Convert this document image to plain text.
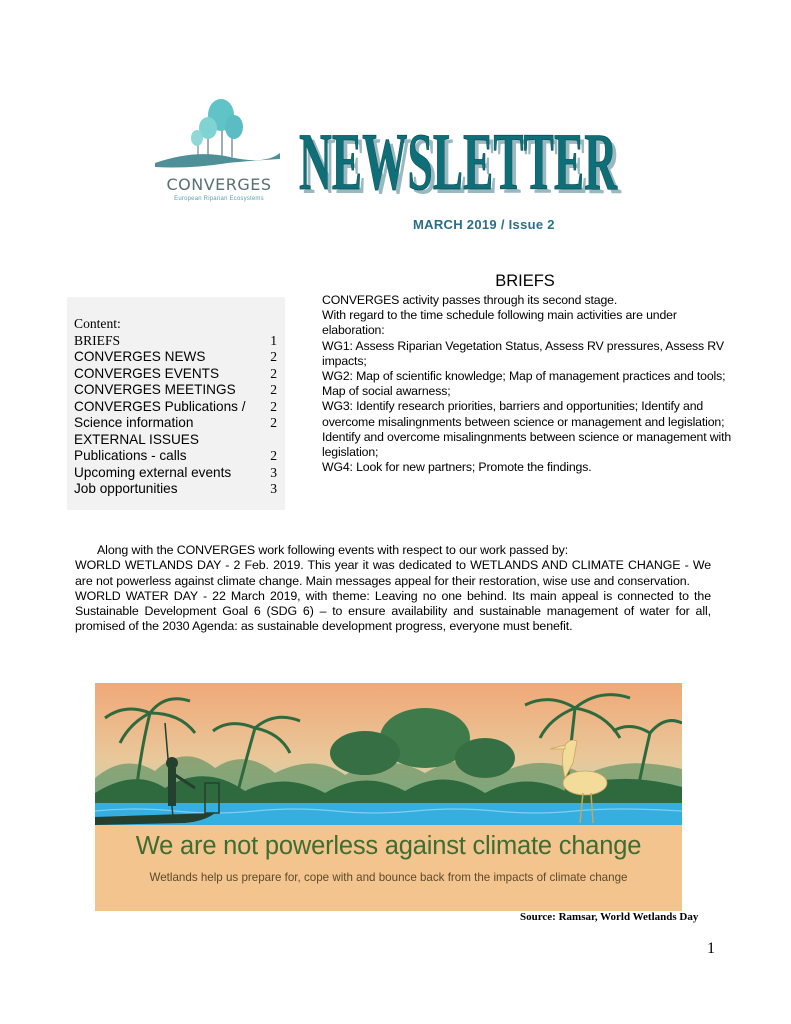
CONVERGES
European Riparian Ecosystems NEWSLETTER
NEWSLETTER
MARCH 2019 / Issue 2
Content:
BRIEFS	1
CONVERGES NEWS	2
CONVERGES EVENTS	2
CONVERGES MEETINGS	2
CONVERGES Publications / 2
Science information	2
EXTERNAL ISSUES
Publications - calls	2
Upcoming external events	3
Job opportunities	3
BRIEFS

CONVERGES activity passes through its second stage.

With regard to the time schedule following main activities are under elaboration:

WG1: Assess Riparian Vegetation Status, Assess RV pressures, Assess RV impacts;

WG2: Map of scientific knowledge; Map of management practices and tools; Map of social awarness;

WG3: Identify research priorities, barriers and opportunities; Identify and overcome misalingnments between science or management and legislation; Identify and overcome misalingnments between science or management with legislation;

WG4: Look for new partners; Promote the findings.

Along with the CONVERGES work following events with respect to our work passed by:

WORLD WETLANDS DAY - 2 Feb. 2019. This year it was dedicated to WETLANDS AND CLIMATE CHANGE - We are not powerless against climate change. Main messages appeal for their restoration, wise use and conservation.

WORLD WATER DAY - 22 March 2019, with theme: Leaving no one behind. Its main appeal is connected to the Sustainable Development Goal 6 (SDG 6) – to ensure availability and sustainable management of water for all, promised of the 2030 Agenda: as sustainable development progress, everyone must benefit.

We are not powerless against climate change
Wetlands help us prepare for, cope with and bounce back from the impacts of climate change
Source: Ramsar, World Wetlands Day
1
